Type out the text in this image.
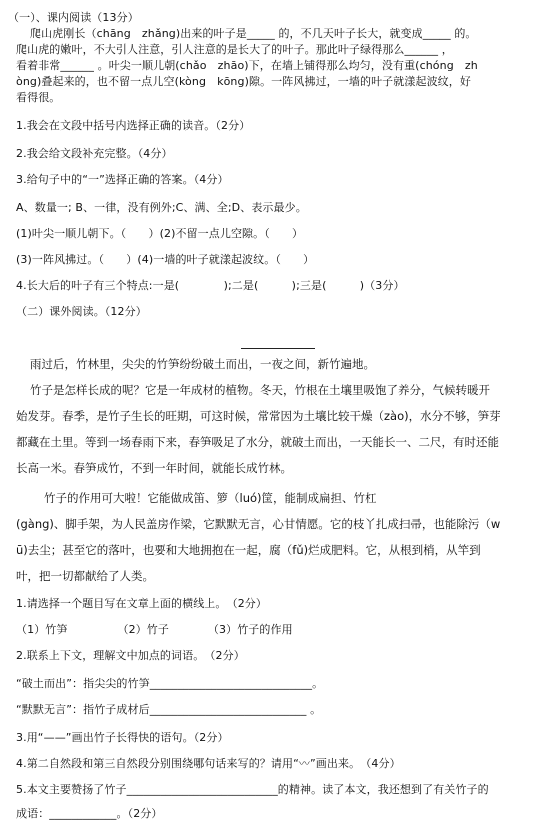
（一）、课内阅读（13分）
爬山虎刚长（chāng　zhǎng)出来的叶子是_____ 的，不几天叶子长大，就变成_____ 的。
爬山虎的嫩叶，不大引人注意，引人注意的是长大了的叶子。那此叶子绿得那么______ ，
看着非常______ 。叶尖一顺儿朝(chǎo　zhāo)下，在墙上铺得那么均匀，没有重(chóng　zh
òng)叠起来的，也不留一点儿空(kòng　kōng)隙。一阵风拂过，一墙的叶子就漾起波纹，好
看得很。
1.我会在文段中括号内选择正确的读音。（2分）
2.我会给文段补充完整。（4分）
3.给句子中的“一”选择正确的答案。（4分）
A、数量一; B、一律，没有例外;C、满、全;D、表示最少。
(1)叶尖一顺儿朝下。（　　）(2)不留一点儿空隙。（　　）
(3)一阵风拂过。（　　）(4)一墙的叶子就漾起波纹。（　　）
4.长大后的叶子有三个特点:一是(　　　　);二是(　　　);三是(　　　)（3分）
（二）课外阅读。（12分）
雨过后，竹林里，尖尖的竹笋纷纷破土而出，一夜之间，新竹遍地。
竹子是怎样长成的呢？它是一年成材的植物。冬天，竹根在土壤里吸饱了养分，气候转暖开
始发芽。春季，是竹子生长的旺期，可这时候，常常因为土壤比较干燥（zào)，水分不够，笋芽
都藏在土里。等到一场春雨下来，春笋吸足了水分，就破土而出，一天能长一、二尺，有时还能
长高一米。春笋成竹，不到一年时间，就能长成竹林。
竹子的作用可大啦！它能做成笛、箩（luó)筐，能制成扁担、竹杠
(gàng)、脚手架，为人民盖房作梁，它默默无言，心甘情愿。它的枝丫扎成扫帚，也能除污（w
ū)去尘；甚至它的落叶，也要和大地拥抱在一起，腐（fǔ)烂成肥料。它，从根到梢，从竿到
叶，把一切都献给了人类。
1.请选择一个题目写在文章上面的横线上。　（2分）
（1）竹笋　　　　　（2）竹子　　　　（3）竹子的作用
2.联系上下文，理解文中加点的词语。　（2分）
“破土而出”：指尖尖的竹笋_____________________________。
“默默无言”：指竹子成材后____________________________ 。
3.用“——”画出竹子长得快的语句。（2分）
4.第二自然段和第三自然段分别围绕哪句话来写的？请用“〰”画出来。　（4分）
5.本文主要赞扬了竹子___________________________的精神。读了本文，我还想到了有关竹子的
成语：____________。（2分）
